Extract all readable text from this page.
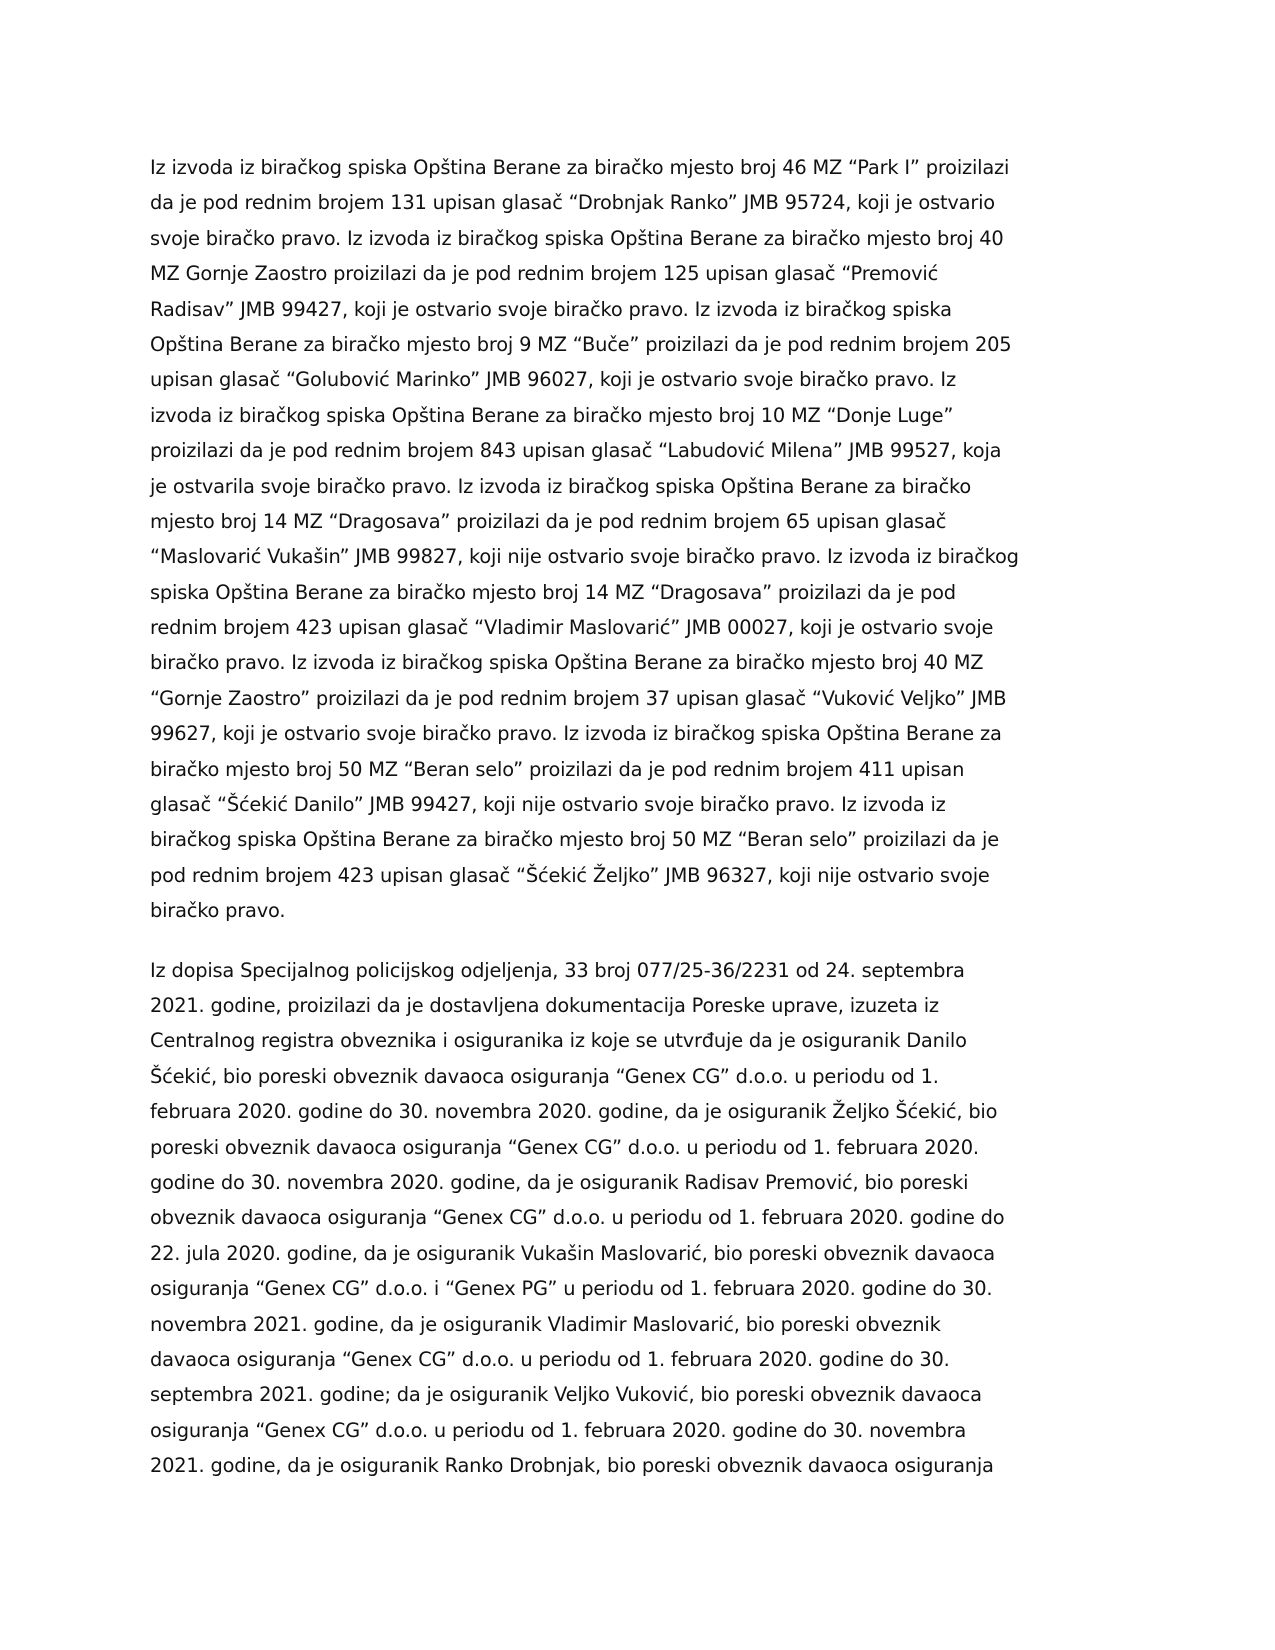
Iz izvoda iz biračkog spiska Opština Berane za biračko mjesto broj 46 MZ “Park I” proizilazi
da je pod rednim brojem 131 upisan glasač “Drobnjak Ranko” JMB 95724, koji je ostvario
svoje biračko pravo. Iz izvoda iz biračkog spiska Opština Berane za biračko mjesto broj 40
MZ Gornje Zaostro proizilazi da je pod rednim brojem 125 upisan glasač “Premović
Radisav” JMB 99427, koji je ostvario svoje biračko pravo. Iz izvoda iz biračkog spiska
Opština Berane za biračko mjesto broj 9 MZ “Buče” proizilazi da je pod rednim brojem 205
upisan glasač “Golubović Marinko” JMB 96027, koji je ostvario svoje biračko pravo. Iz
izvoda iz biračkog spiska Opština Berane za biračko mjesto broj 10 MZ “Donje Luge”
proizilazi da je pod rednim brojem 843 upisan glasač “Labudović Milena” JMB 99527, koja
je ostvarila svoje biračko pravo. Iz izvoda iz biračkog spiska Opština Berane za biračko
mjesto broj 14 MZ “Dragosava” proizilazi da je pod rednim brojem 65 upisan glasač
“Maslovarić Vukašin” JMB 99827, koji nije ostvario svoje biračko pravo. Iz izvoda iz biračkog
spiska Opština Berane za biračko mjesto broj 14 MZ “Dragosava” proizilazi da je pod
rednim brojem 423 upisan glasač “Vladimir Maslovarić” JMB 00027, koji je ostvario svoje
biračko pravo. Iz izvoda iz biračkog spiska Opština Berane za biračko mjesto broj 40 MZ
“Gornje Zaostro” proizilazi da je pod rednim brojem 37 upisan glasač “Vuković Veljko” JMB
99627, koji je ostvario svoje biračko pravo. Iz izvoda iz biračkog spiska Opština Berane za
biračko mjesto broj 50 MZ “Beran selo” proizilazi da je pod rednim brojem 411 upisan
glasač “Šćekić Danilo” JMB 99427, koji nije ostvario svoje biračko pravo. Iz izvoda iz
biračkog spiska Opština Berane za biračko mjesto broj 50 MZ “Beran selo” proizilazi da je
pod rednim brojem 423 upisan glasač “Šćekić Željko” JMB 96327, koji nije ostvario svoje
biračko pravo.
Iz dopisa Specijalnog policijskog odjeljenja, 33 broj 077/25-36/2231 od 24. septembra
2021. godine, proizilazi da je dostavljena dokumentacija Poreske uprave, izuzeta iz
Centralnog registra obveznika i osiguranika iz koje se utvrđuje da je osiguranik Danilo
Šćekić, bio poreski obveznik davaoca osiguranja “Genex CG” d.o.o. u periodu od 1.
februara 2020. godine do 30. novembra 2020. godine, da je osiguranik Željko Šćekić, bio
poreski obveznik davaoca osiguranja “Genex CG” d.o.o. u periodu od 1. februara 2020.
godine do 30. novembra 2020. godine, da je osiguranik Radisav Premović, bio poreski
obveznik davaoca osiguranja “Genex CG” d.o.o. u periodu od 1. februara 2020. godine do
22. jula 2020. godine, da je osiguranik Vukašin Maslovarić, bio poreski obveznik davaoca
osiguranja “Genex CG” d.o.o. i “Genex PG” u periodu od 1. februara 2020. godine do 30.
novembra 2021. godine, da je osiguranik Vladimir Maslovarić, bio poreski obveznik
davaoca osiguranja “Genex CG” d.o.o. u periodu od 1. februara 2020. godine do 30.
septembra 2021. godine; da je osiguranik Veljko Vuković, bio poreski obveznik davaoca
osiguranja “Genex CG” d.o.o. u periodu od 1. februara 2020. godine do 30. novembra
2021. godine, da je osiguranik Ranko Drobnjak, bio poreski obveznik davaoca osiguranja
